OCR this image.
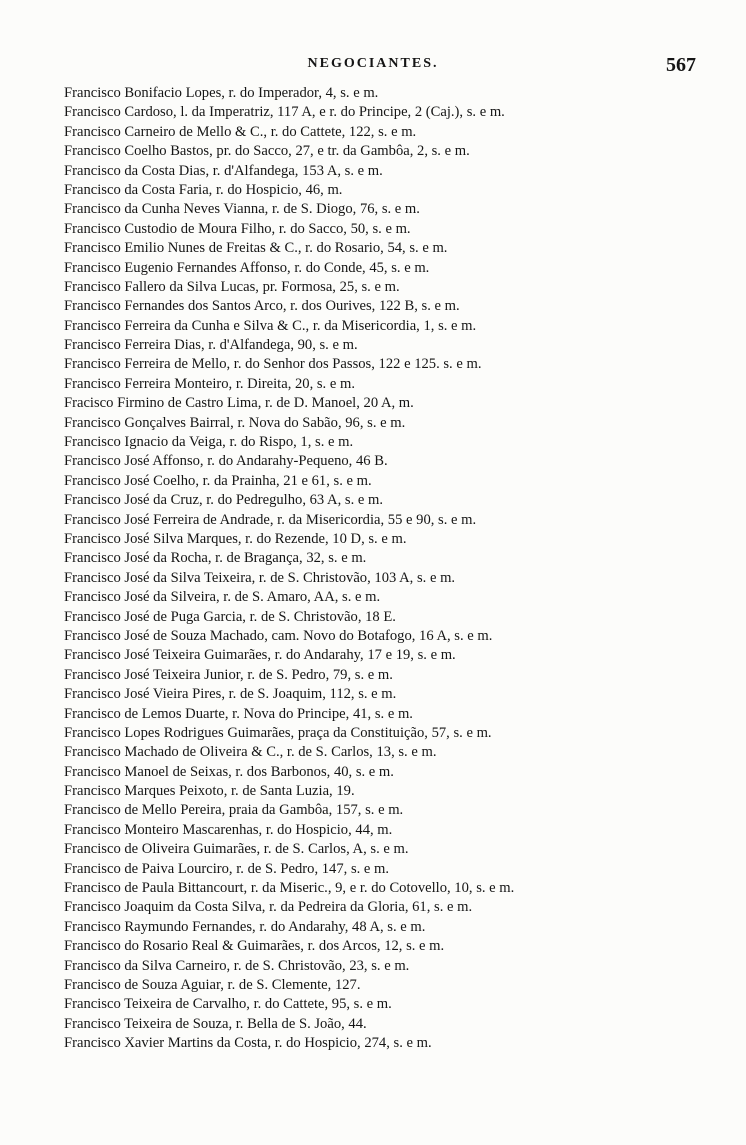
NEGOCIANTES.	567
Francisco Bonifacio Lopes, r. do Imperador, 4, s. e m.
Francisco Cardoso, l. da Imperatriz, 117 A, e r. do Principe, 2 (Caj.), s. e m.
Francisco Carneiro de Mello & C., r. do Cattete, 122, s. e m.
Francisco Coelho Bastos, pr. do Sacco, 27, e tr. da Gambôa, 2, s. e m.
Francisco da Costa Dias, r. d'Alfandega, 153 A, s. e m.
Francisco da Costa Faria, r. do Hospicio, 46, m.
Francisco da Cunha Neves Vianna, r. de S. Diogo, 76, s. e m.
Francisco Custodio de Moura Filho, r. do Sacco, 50, s. e m.
Francisco Emilio Nunes de Freitas & C., r. do Rosario, 54, s. e m.
Francisco Eugenio Fernandes Affonso, r. do Conde, 45, s. e m.
Francisco Fallero da Silva Lucas, pr. Formosa, 25, s. e m.
Francisco Fernandes dos Santos Arco, r. dos Ourives, 122 B, s. e m.
Francisco Ferreira da Cunha e Silva & C., r. da Misericordia, 1, s. e m.
Francisco Ferreira Dias, r. d'Alfandega, 90, s. e m.
Francisco Ferreira de Mello, r. do Senhor dos Passos, 122 e 125. s. e m.
Francisco Ferreira Monteiro, r. Direita, 20, s. e m.
Fracisco Firmino de Castro Lima, r. de D. Manoel, 20 A, m.
Francisco Gonçalves Bairral, r. Nova do Sabão, 96, s. e m.
Francisco Ignacio da Veiga, r. do Rispo, 1, s. e m.
Francisco José Affonso, r. do Andarahy-Pequeno, 46 B.
Francisco José Coelho, r. da Prainha, 21 e 61, s. e m.
Francisco José da Cruz, r. do Pedregulho, 63 A, s. e m.
Francisco José Ferreira de Andrade, r. da Misericordia, 55 e 90, s. e m.
Francisco José Silva Marques, r. do Rezende, 10 D, s. e m.
Francisco José da Rocha, r. de Bragança, 32, s. e m.
Francisco José da Silva Teixeira, r. de S. Christovão, 103 A, s. e m.
Francisco José da Silveira, r. de S. Amaro, AA, s. e m.
Francisco José de Puga Garcia, r. de S. Christovão, 18 E.
Francisco José de Souza Machado, cam. Novo do Botafogo, 16 A, s. e m.
Francisco José Teixeira Guimarães, r. do Andarahy, 17 e 19, s. e m.
Francisco José Teixeira Junior, r. de S. Pedro, 79, s. e m.
Francisco José Vieira Pires, r. de S. Joaquim, 112, s. e m.
Francisco de Lemos Duarte, r. Nova do Principe, 41, s. e m.
Francisco Lopes Rodrigues Guimarães, praça da Constituição, 57, s. e m.
Francisco Machado de Oliveira & C., r. de S. Carlos, 13, s. e m.
Francisco Manoel de Seixas, r. dos Barbonos, 40, s. e m.
Francisco Marques Peixoto, r. de Santa Luzia, 19.
Francisco de Mello Pereira, praia da Gambôa, 157, s. e m.
Francisco Monteiro Mascarenhas, r. do Hospicio, 44, m.
Francisco de Oliveira Guimarães, r. de S. Carlos, A, s. e m.
Francisco de Paiva Lourciro, r. de S. Pedro, 147, s. e m.
Francisco de Paula Bittancourt, r. da Miseric., 9, e r. do Cotovello, 10, s. e m.
Francisco Joaquim da Costa Silva, r. da Pedreira da Gloria, 61, s. e m.
Francisco Raymundo Fernandes, r. do Andarahy, 48 A, s. e m.
Francisco do Rosario Real & Guimarães, r. dos Arcos, 12, s. e m.
Francisco da Silva Carneiro, r. de S. Christovão, 23, s. e m.
Francisco de Souza Aguiar, r. de S. Clemente, 127.
Francisco Teixeira de Carvalho, r. do Cattete, 95, s. e m.
Francisco Teixeira de Souza, r. Bella de S. João, 44.
Francisco Xavier Martins da Costa, r. do Hospicio, 274, s. e m.
